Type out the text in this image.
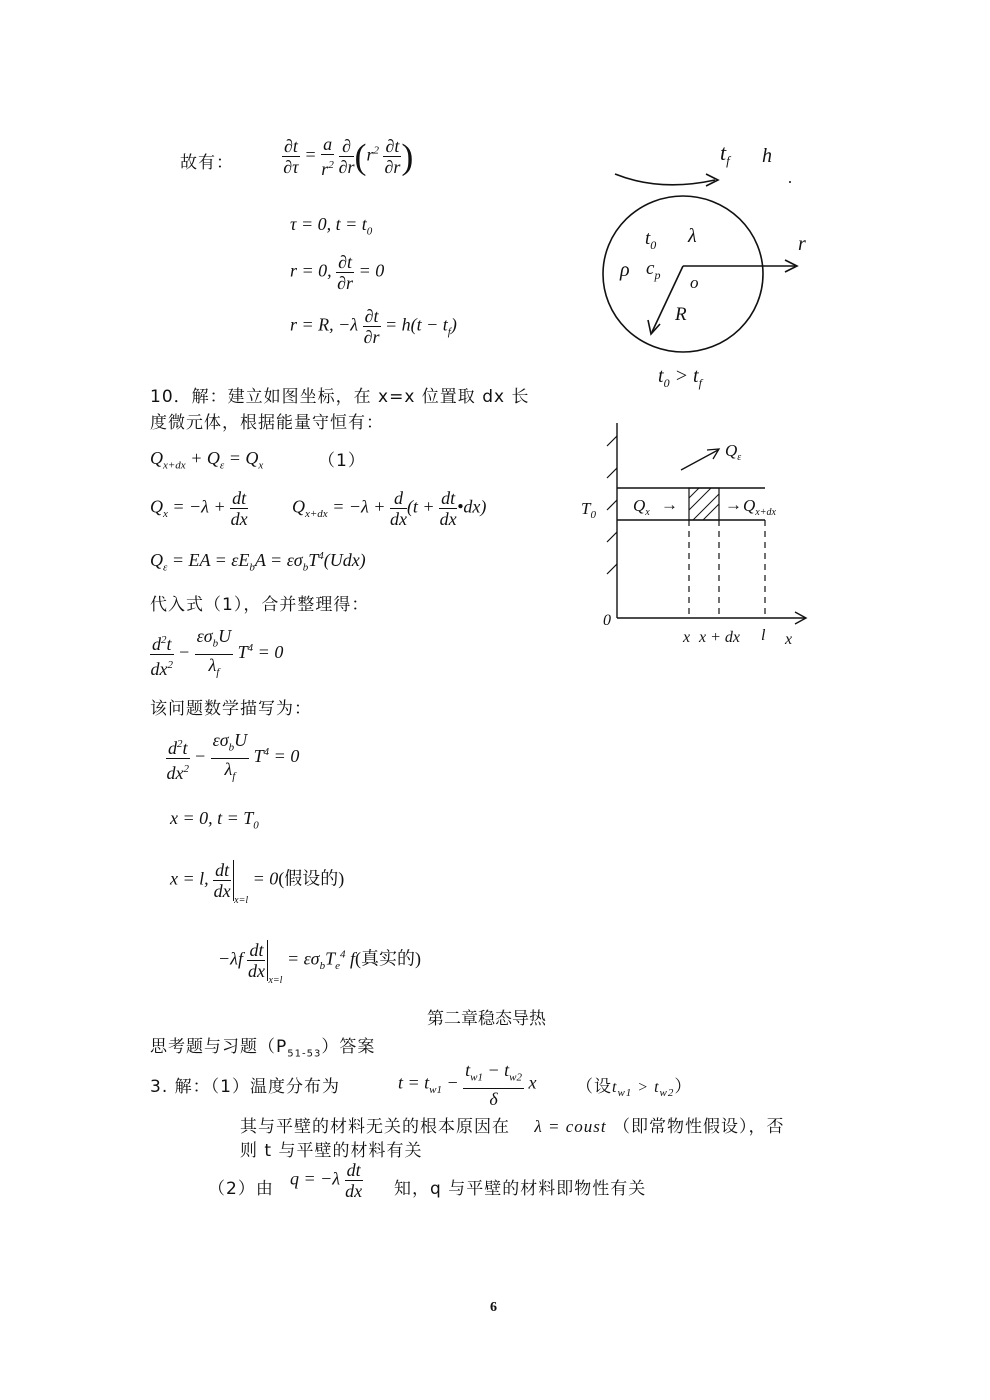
故有：	$\frac{\partial t}{\partial\tau} = \frac{a}{r^2}$
$\frac{\partial}{\partial r} (r^2 \frac{\partial t}{\partial r}$ )
τ = 0, $t = t_0$
r = 0, $\frac{\partial t}{\partial r} = 0$
r = R, $-\lambda \frac{\partial t}{\partial r} = h(t - t_f)$
$t_f$ h
r
R
$t_0$ λ
ρ $c_p$ o
$t_0 > t_f$
10．解：建立如图坐标，在 x=x 位置取 dx 长
度微元体，根据能量守恒有：
$Q_{x+dx} + Q_\varepsilon = Q_x$	（1）
$Q_x = -\lambda + \frac{dt}{dx} Q_{x+dx} = -\lambda + \frac{d}{dx} (t + \frac{dt}{dx}$ •dx)
$Q_\varepsilon$ = EA = $\varepsilon E_bA = \varepsilon\sigma_bT^4(Udx)$
代入式（1），合并整理得：
$\frac{d^2t}{dx^2} - \frac{\varepsilon\sigma_bU}{\lambda_f} T^4 = 0$
该问题数学描写为：
$\frac{d^2t}{dx^2} - \frac{\varepsilon\sigma_bU}{\lambda_f} T^4 = 0$
x = 0, $t = T_0$
x = l, $\frac{dt}{dx} _{x=l} = 0$(假设的)
$-\lambda f \frac{dt}{dx} _{x=l} = \varepsilon\sigma_bT_e^4$ f(真实的)
0
$Q_\varepsilon$
$T_0$ $Q_x$ →	→ $Q_{x+dx}$
x x + dx l x
第二章稳态导热
思考题与习题$(P_{51-53})$答案
3. 解：（1）温度分布为	$t = t_{w1} - \frac{t_{w1} - t_{w2}}{\delta}$ x （设$t_{w1} > t_{w2}$）
其与平壁的材料无关的根本原因在 λ = coust （即常物性假设），否
则 t 与平壁的材料有关
（2）由
$q = -\lambda \frac{dt}{dx}$ 知，q 与平壁的材料即物性有关
6
